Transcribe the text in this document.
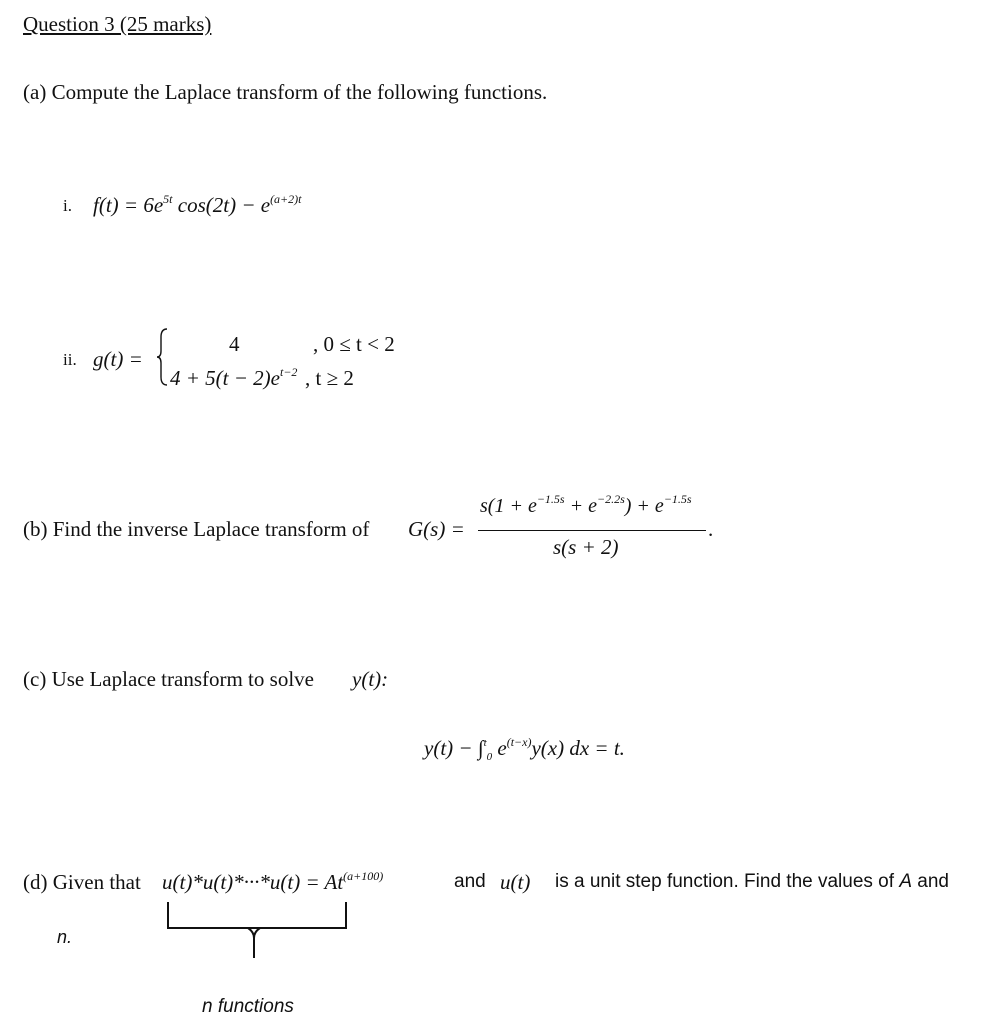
Question 3 (25 marks)
(a) Compute the Laplace transform of the following functions.
i. $f(t) = 6e^{5t}$ $\cos(2t) - e^{(a+2)t}$
ii. g(t) =
4	, 0 ≤ t < 2
$4 + 5(t - 2)e^{t-2}$ , t ≥ 2
(b) Find the inverse Laplace transform of G(s) =
$s(1 + e^{-1.5s} + e^{-2.2s}) + e^{-1.5s}$
s(s + 2)
.
(c) Use Laplace transform to solve y(t):
y(t) − ∫$^t_0$ $e^{(t-x)}y(x)$ dx = t.
(d) Given that $u(t)*u(t)*\cdot\cdot\cdot*u(t) = At^{(a+100)}$	and u(t) is a unit step function. Find the values of A and
n.
n functions
